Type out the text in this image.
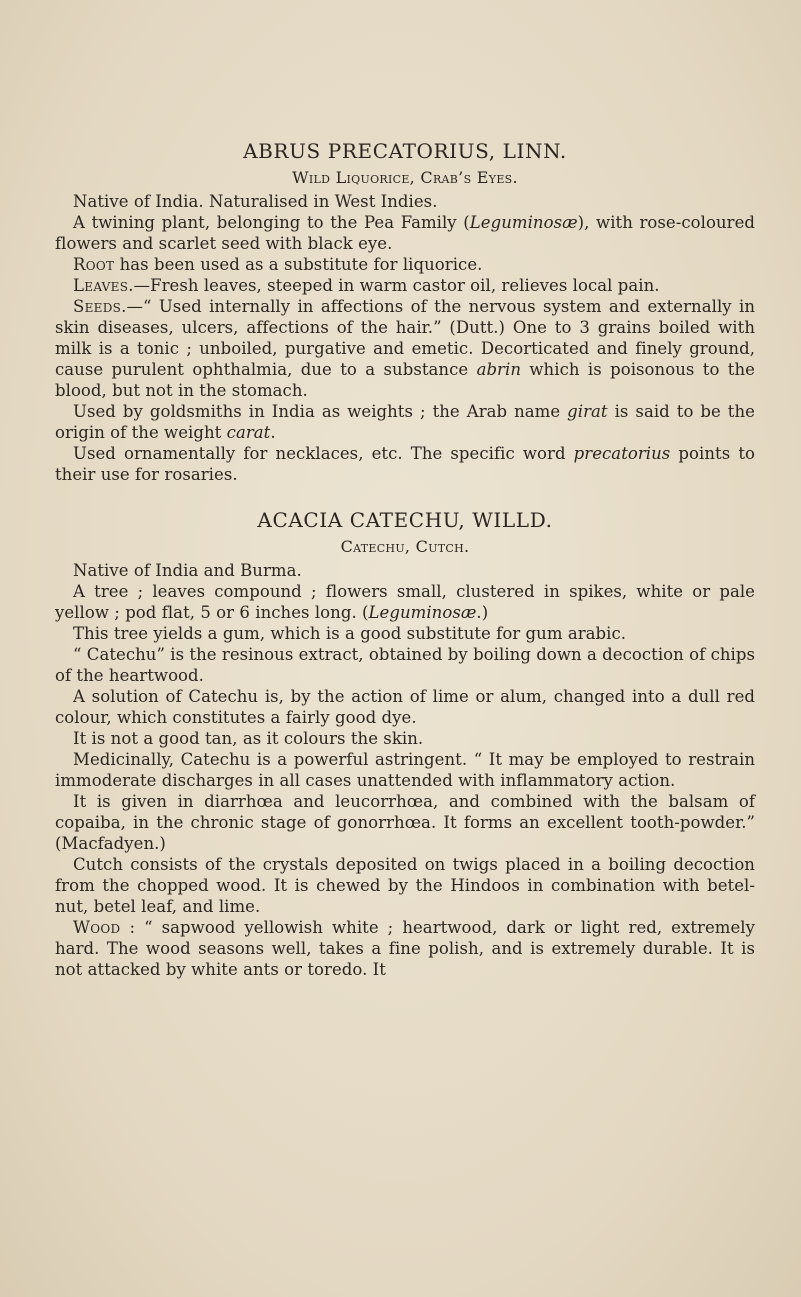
ABRUS PRECATORIUS, LINN.
Wild Liquorice, Crab’s Eyes.

Native of India. Naturalised in West Indies.

A twining plant, belonging to the Pea Family (Leguminosæ), with rose-coloured flowers and scarlet seed with black eye.

Root has been used as a substitute for liquorice.

Leaves.—Fresh leaves, steeped in warm castor oil, relieves local pain.

Seeds.—“ Used internally in affections of the nervous system and externally in skin diseases, ulcers, affections of the hair.” (Dutt.) One to 3 grains boiled with milk is a tonic ; unboiled, purgative and emetic. Decorticated and finely ground, cause purulent ophthalmia, due to a substance abrin which is poisonous to the blood, but not in the stomach.

Used by goldsmiths in India as weights ; the Arab name girat is said to be the origin of the weight carat.

Used ornamentally for necklaces, etc. The specific word precatorius points to their use for rosaries.

ACACIA CATECHU, WILLD.
Catechu, Cutch.

Native of India and Burma.

A tree ; leaves compound ; flowers small, clustered in spikes, white or pale yellow ; pod flat, 5 or 6 inches long. (Leguminosæ.)

This tree yields a gum, which is a good substitute for gum arabic.

“ Catechu” is the resinous extract, obtained by boiling down a decoction of chips of the heartwood.

A solution of Catechu is, by the action of lime or alum, changed into a dull red colour, which constitutes a fairly good dye.

It is not a good tan, as it colours the skin.

Medicinally, Catechu is a powerful astringent. “ It may be employed to restrain immoderate discharges in all cases unattended with inflammatory action.

It is given in diarrhœa and leucorrhœa, and combined with the balsam of copaiba, in the chronic stage of gonorrhœa. It forms an excellent tooth-powder.” (Macfadyen.)

Cutch consists of the crystals deposited on twigs placed in a boiling decoction from the chopped wood. It is chewed by the Hindoos in combination with betel-nut, betel leaf, and lime.

Wood : “ sapwood yellowish white ; heartwood, dark or light red, extremely hard. The wood seasons well, takes a fine polish, and is extremely durable. It is not attacked by white ants or toredo. It
